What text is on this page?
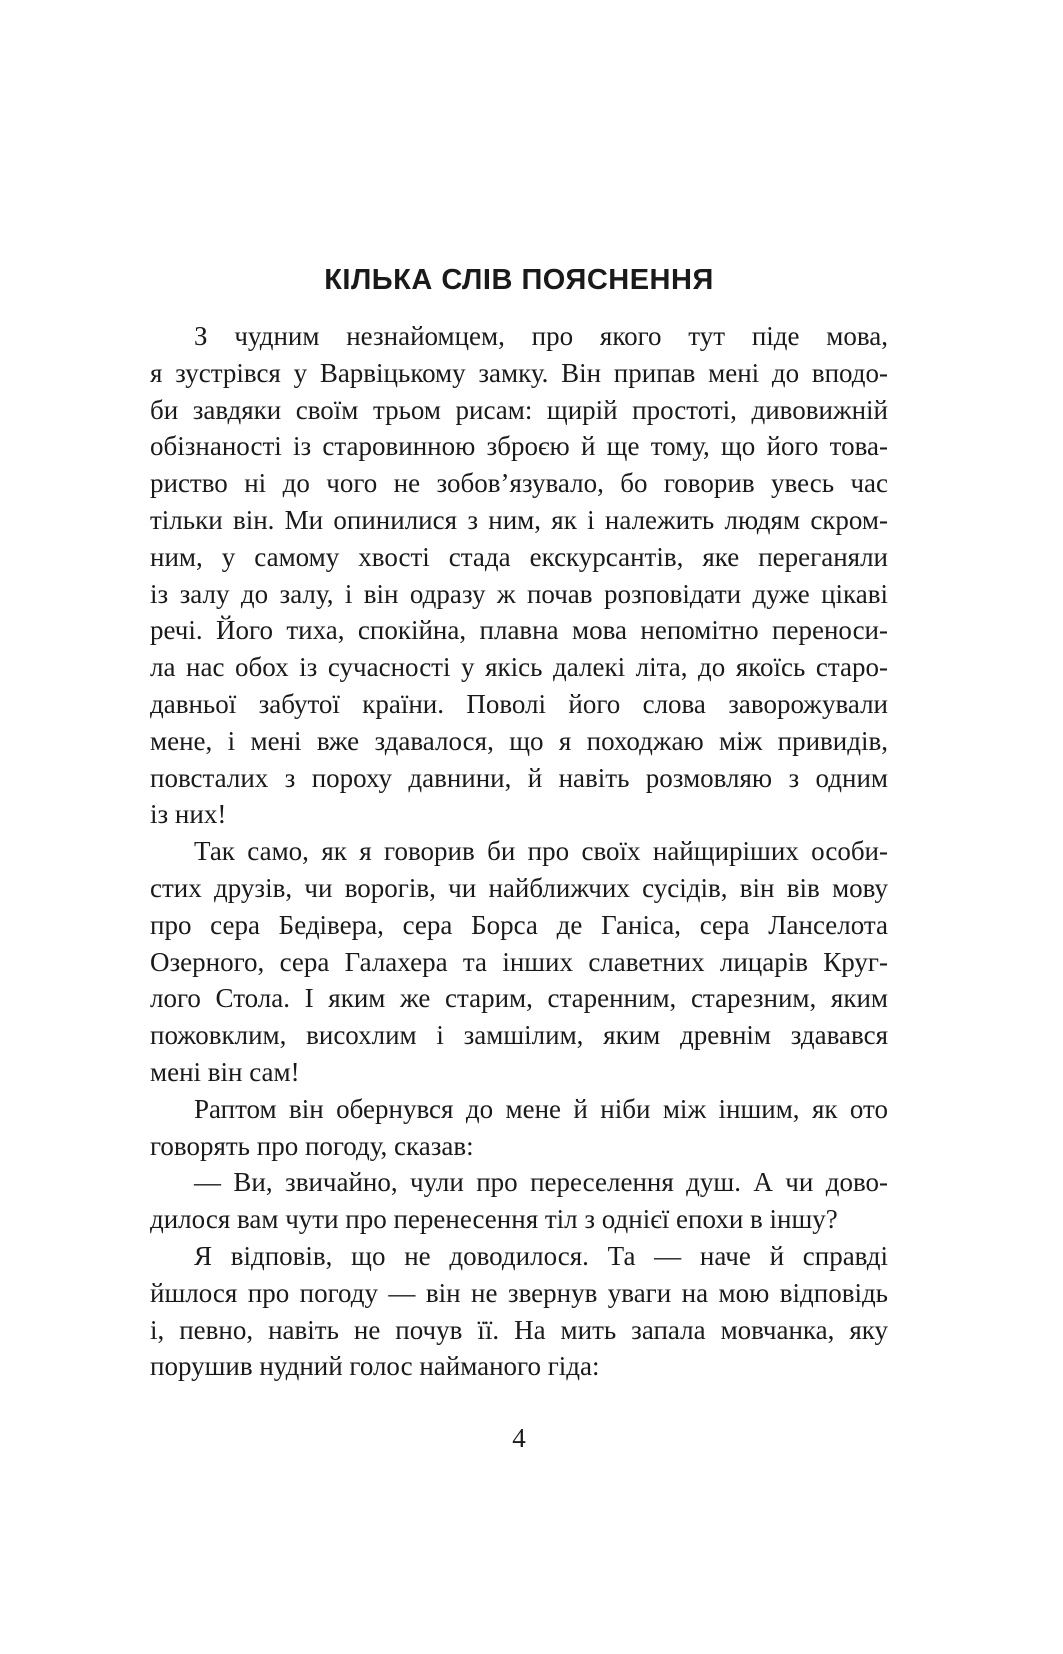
КІЛЬКА СЛІВ ПОЯСНЕННЯ
З чудним незнайомцем, про якого тут піде мова,
я зустрівся у Варвіцькому замку. Він припав мені до вподо-
би завдяки своїм трьом рисам: щирій простоті, дивовижній
обізнаності із старовинною зброєю й ще тому, що його това-
риство ні до чого не зобов’язувало, бо говорив увесь час
тільки він. Ми опинилися з ним, як і належить людям скром-
ним, у самому хвості стада екскурсантів, яке переганяли
із залу до залу, і він одразу ж почав розповідати дуже цікаві
речі. Його тиха, спокійна, плавна мова непомітно переноси-
ла нас обох із сучасності у якісь далекі літа, до якоїсь старо-
давньої забутої країни. Поволі його слова заворожували
мене, і мені вже здавалося, що я походжаю між привидів,
повсталих з пороху давнини, й навіть розмовляю з одним
із них!
Так само, як я говорив би про своїх найщиріших особи-
стих друзів, чи ворогів, чи найближчих сусідів, він вів мову
про сера Бедівера, сера Борса де Ганіса, сера Ланселота
Озерного, сера Галахера та інших славетних лицарів Круг-
лого Стола. І яким же старим, старенним, старезним, яким
пожовклим, висохлим і замшілим, яким древнім здавався
мені він сам!
Раптом він обернувся до мене й ніби між іншим, як ото
говорять про погоду, сказав:
— Ви, звичайно, чули про переселення душ. А чи дово-
дилося вам чути про перенесення тіл з однієї епохи в іншу?
Я відповів, що не доводилося. Та — наче й справді
йшлося про погоду — він не звернув уваги на мою відповідь
і, певно, навіть не почув її. На мить запала мовчанка, яку
порушив нудний голос найманого гіда:
4
